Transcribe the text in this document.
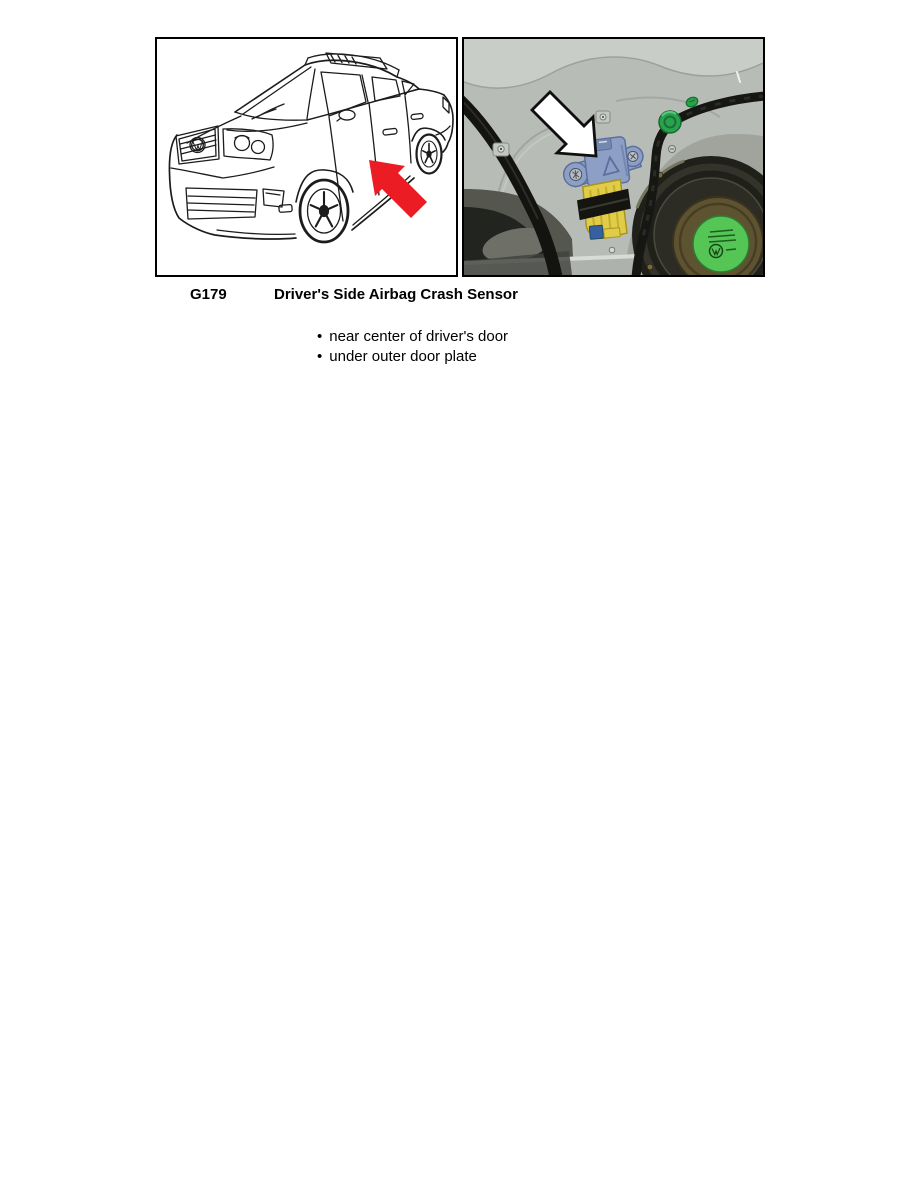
G179	Driver's Side Airbag Crash Sensor
• near center of driver's door
• under outer door plate
